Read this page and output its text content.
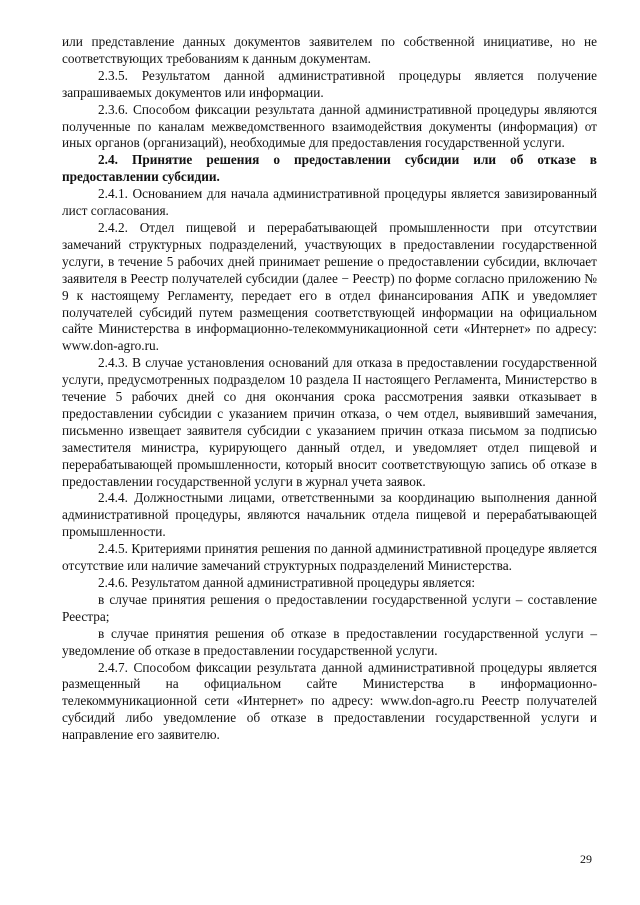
или представление данных документов заявителем по собственной инициативе, но не соответствующих требованиям к данным документам.

2.3.5. Результатом данной административной процедуры является получение запрашиваемых документов или информации.

2.3.6. Способом фиксации результата данной административной процедуры являются полученные по каналам межведомственного взаимодействия документы (информация) от иных органов (организаций), необходимые для предоставления государственной услуги.

2.4. Принятие решения о предоставлении субсидии или об отказе в предоставлении субсидии.

2.4.1. Основанием для начала административной процедуры является завизированный лист согласования.

2.4.2. Отдел пищевой и перерабатывающей промышленности при отсутствии замечаний структурных подразделений, участвующих в предоставлении государственной услуги, в течение 5 рабочих дней принимает решение о предоставлении субсидии, включает заявителя в Реестр получателей субсидии (далее − Реестр) по форме согласно приложению № 9 к настоящему Регламенту, передает его в отдел финансирования АПК и уведомляет получателей субсидий путем размещения соответствующей информации на официальном сайте Министерства в информационно-телекоммуникационной сети «Интернет» по адресу: www.don-agro.ru.

2.4.3. В случае установления оснований для отказа в предоставлении государственной услуги, предусмотренных подразделом 10 раздела II настоящего Регламента, Министерство в течение 5 рабочих дней со дня окончания срока рассмотрения заявки отказывает в предоставлении субсидии с указанием причин отказа, о чем отдел, выявивший замечания, письменно извещает заявителя субсидии с указанием причин отказа письмом за подписью заместителя министра, курирующего данный отдел, и уведомляет отдел пищевой и перерабатывающей промышленности, который вносит соответствующую запись об отказе в предоставлении государственной услуги в журнал учета заявок.

2.4.4. Должностными лицами, ответственными за координацию выполнения данной административной процедуры, являются начальник отдела пищевой и перерабатывающей промышленности.

2.4.5. Критериями принятия решения по данной административной процедуре является отсутствие или наличие замечаний структурных подразделений Министерства.

2.4.6. Результатом данной административной процедуры является:

в случае принятия решения о предоставлении государственной услуги – составление Реестра;

в случае принятия решения об отказе в предоставлении государственной услуги – уведомление об отказе в предоставлении государственной услуги.

2.4.7. Способом фиксации результата данной административной процедуры является размещенный на официальном сайте Министерства в информационно-телекоммуникационной сети «Интернет» по адресу: www.don-agro.ru Реестр получателей субсидий либо уведомление об отказе в предоставлении государственной услуги и направление его заявителю.

29
